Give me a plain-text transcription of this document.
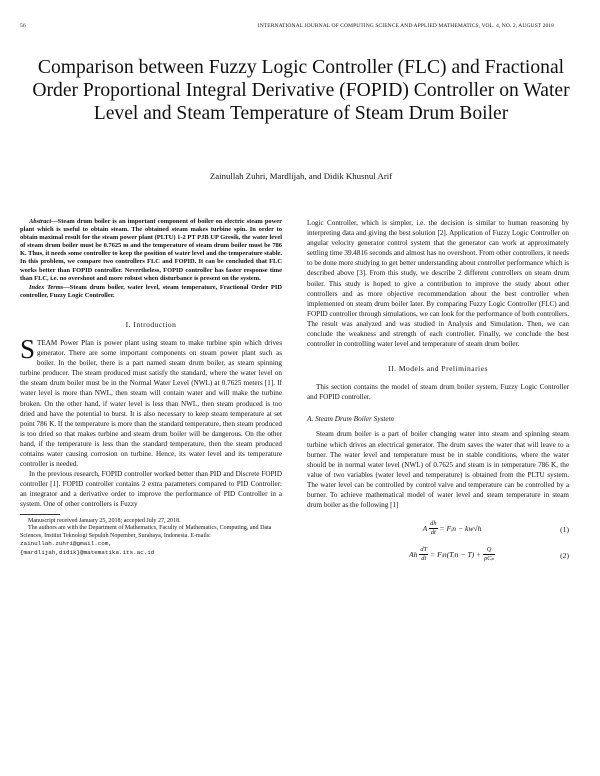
56	INTERNATIONAL JOURNAL OF COMPUTING SCIENCE AND APPLIED MATHEMATICS, VOL. 4, NO. 2, AUGUST 2018
Comparison between Fuzzy Logic Controller (FLC) and Fractional Order Proportional Integral Derivative (FOPID) Controller on Water Level and Steam Temperature of Steam Drum Boiler

Zainullah Zuhri, Mardlijah, and Didik Khusnul Arif

Abstract—Steam drum boiler is an important component of boiler on electric steam power plant which is useful to obtain steam. The obtained steam makes turbine spin. In order to obtain maximal result for the steam power plant (PLTU) 1-2 PT PJB UP Gresik, the water level of steam drum boiler must be 0.7625 m and the temperature of steam drum boiler must be 786 K. Thus, it needs some controller to keep the position of water level and the temperature stable. In this problem, we compare two controllers FLC and FOPID. It can be concluded that FLC works better than FOPID controller. Nevertheless, FOPID controller has faster response time than FLC, i.e. no overshoot and more robust when disturbance is present on the system.

Index Terms—Steam drum boiler, water level, steam temperature, Fractional Order PID controller, Fuzzy Logic Controller.

I. Introduction

STEAM Power Plan is power plant using steam to make turbine spin which drives generator. There are some important components on steam power plant such as boiler. In the boiler, there is a part named steam drum boiler, as steam spinning turbine producer. The steam produced must satisfy the standard, where the water level on the steam drum boiler must be in the Normal Water Level (NWL) at 0.7625 meters [1]. If water level is more than NWL, then steam will contain water and will make the turbine broken. On the other hand, if water level is less than NWL, then steam produced is too dried and have the potential to burst. It is also necessary to keep steam temperature at set point 786 K. If the temperature is more than the standard temperature, then steam produced is too dried so that makes turbine and steam drum boiler will be dangerous. On the other hand, if the temperature is less than the standard temperature, then the steam produced contains water causing corrosion on turbine. Hence, its water level and its temperature controller is needed.

In the previous research, FOPID controller worked better than PID and Discrete FOPID controller [1]. FOPID controller contains 2 extra parameters compared to PID Controller: an integrator and a derivative order to improve the performance of PID Controller in a system. One of other controllers is Fuzzy

Manuscript received January 25, 2018; accepted July 27, 2018.

The authors are with the Department of Mathematics, Faculty of Mathematics, Computing, and Data Sciences, Institut Teknologi Sepuluh Nopember, Surabaya, Indonesia. E-mails: zainullah.zuhri@gmail.com,

{mardlijah,didik}@matematika.its.ac.id

Logic Controller, which is simpler, i.e. the decision is similar to human reasoning by interpreting data and giving the best solution [2]. Application of Fuzzy Logic Controller on angular velocity generator control system that the generator can work at approximately settling time 39.4816 seconds and almost has no overshoot. From other controllers, it needs to be done more studying to get better understanding about controller performance which is described above [3]. From this study, we describe 2 different controllers on steam drum boiler. This study is hoped to give a contribution to improve the study about other controllers and as more objective recommendation about the best controller when implemented on steam drum boiler later. By comparing Fuzzy Logic Controller (FLC) and FOPID controller through simulations, we can look for the performance of both controllers. The result was analyzed and was studied in Analysis and Simulation. Then, we can conclude the weakness and strength of each controller. Finally, we conclude the best controller in controlling water level and temperature of steam drum boiler.

II. Models and Preliminaries

This section contains the model of steam drum boiler system, Fuzzy Logic Controller and FOPID controller.

A. Steam Drum Boiler System

Steam drum boiler is a part of boiler changing water into steam and spinning steam turbine which drives an electrical generator. The drum saves the water that will leave to a burner. The water level and temperature must be in stable conditions, where the water should be in normal water level (NWL) of 0.7625 and steam is in temperature 786 K, the value of two variables (water level and temperature) is obtained from the PLTU system. The water level can be controlled by control valve and temperature can be controlled by a burner. To achieve mathematical model of water level and steam temperature in steam drum boiler as the following [1]

A $\frac{dh}{dt}$ = Fᵢn − kw√h	(1)
Ah $\frac{dT}{dt}$ = Fᵢn(Tᵢn − $T) + \frac{Q}{\text{ρCₚ}}$	(2)
